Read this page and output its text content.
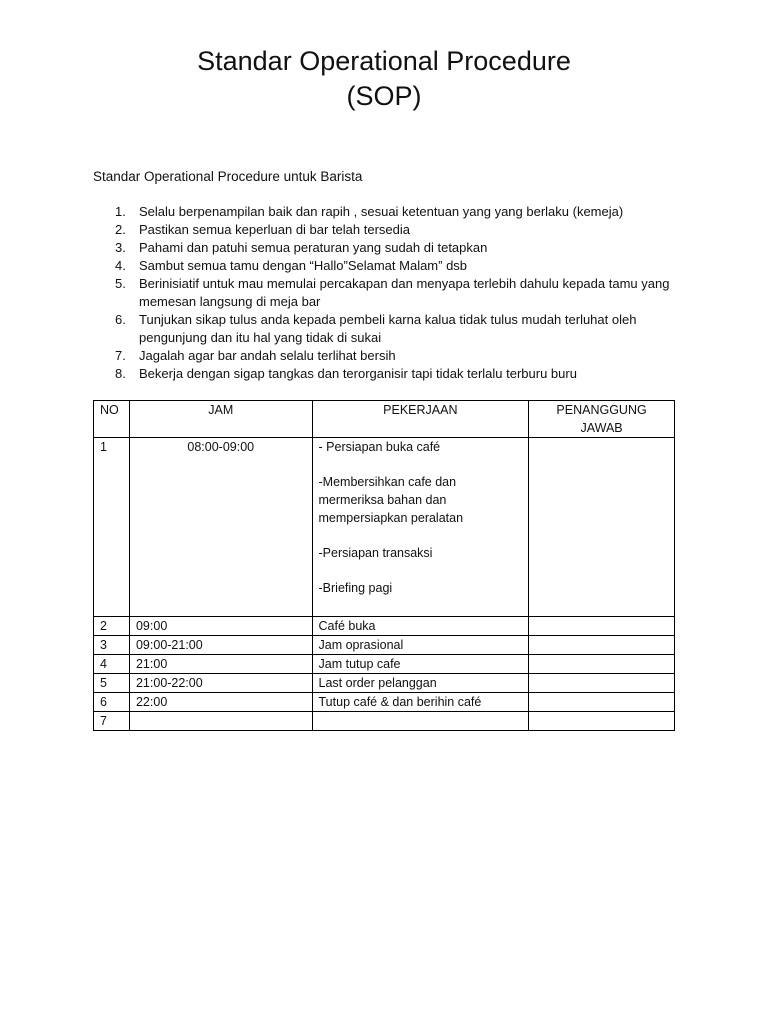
Standar Operational Procedure
(SOP)
Standar Operational Procedure untuk Barista
1. Selalu berpenampilan baik dan rapih , sesuai ketentuan yang yang berlaku (kemeja)
2. Pastikan semua keperluan di bar telah tersedia
3. Pahami dan patuhi semua peraturan yang sudah di tetapkan
4. Sambut semua tamu dengan “Hallo”Selamat Malam” dsb
5. Berinisiatif untuk mau memulai percakapan dan menyapa terlebih dahulu kepada tamu yang memesan langsung di meja bar
6. Tunjukan sikap tulus anda kepada pembeli karna kalua tidak tulus mudah terluhat oleh pengunjung dan itu hal yang tidak di sukai
7. Jagalah agar bar andah selalu terlihat bersih
8. Bekerja dengan sigap tangkas dan terorganisir tapi tidak terlalu terburu buru
NO	JAM	PEKERJAAN	PENANGGUNG JAWAB
1	08:00-09:00	- Persiapan buka café
-Membersihkan cafe dan mermeriksa bahan dan mempersiapkan peralatan
-Persiapan transaksi
-Briefing pagi	

2	09:00	Café buka	
3	09:00-21:00	Jam oprasional	
4	21:00	Jam tutup cafe	
5	21:00-22:00	Last order pelanggan	
6	22:00	Tutup café & dan berihin café	
7			
